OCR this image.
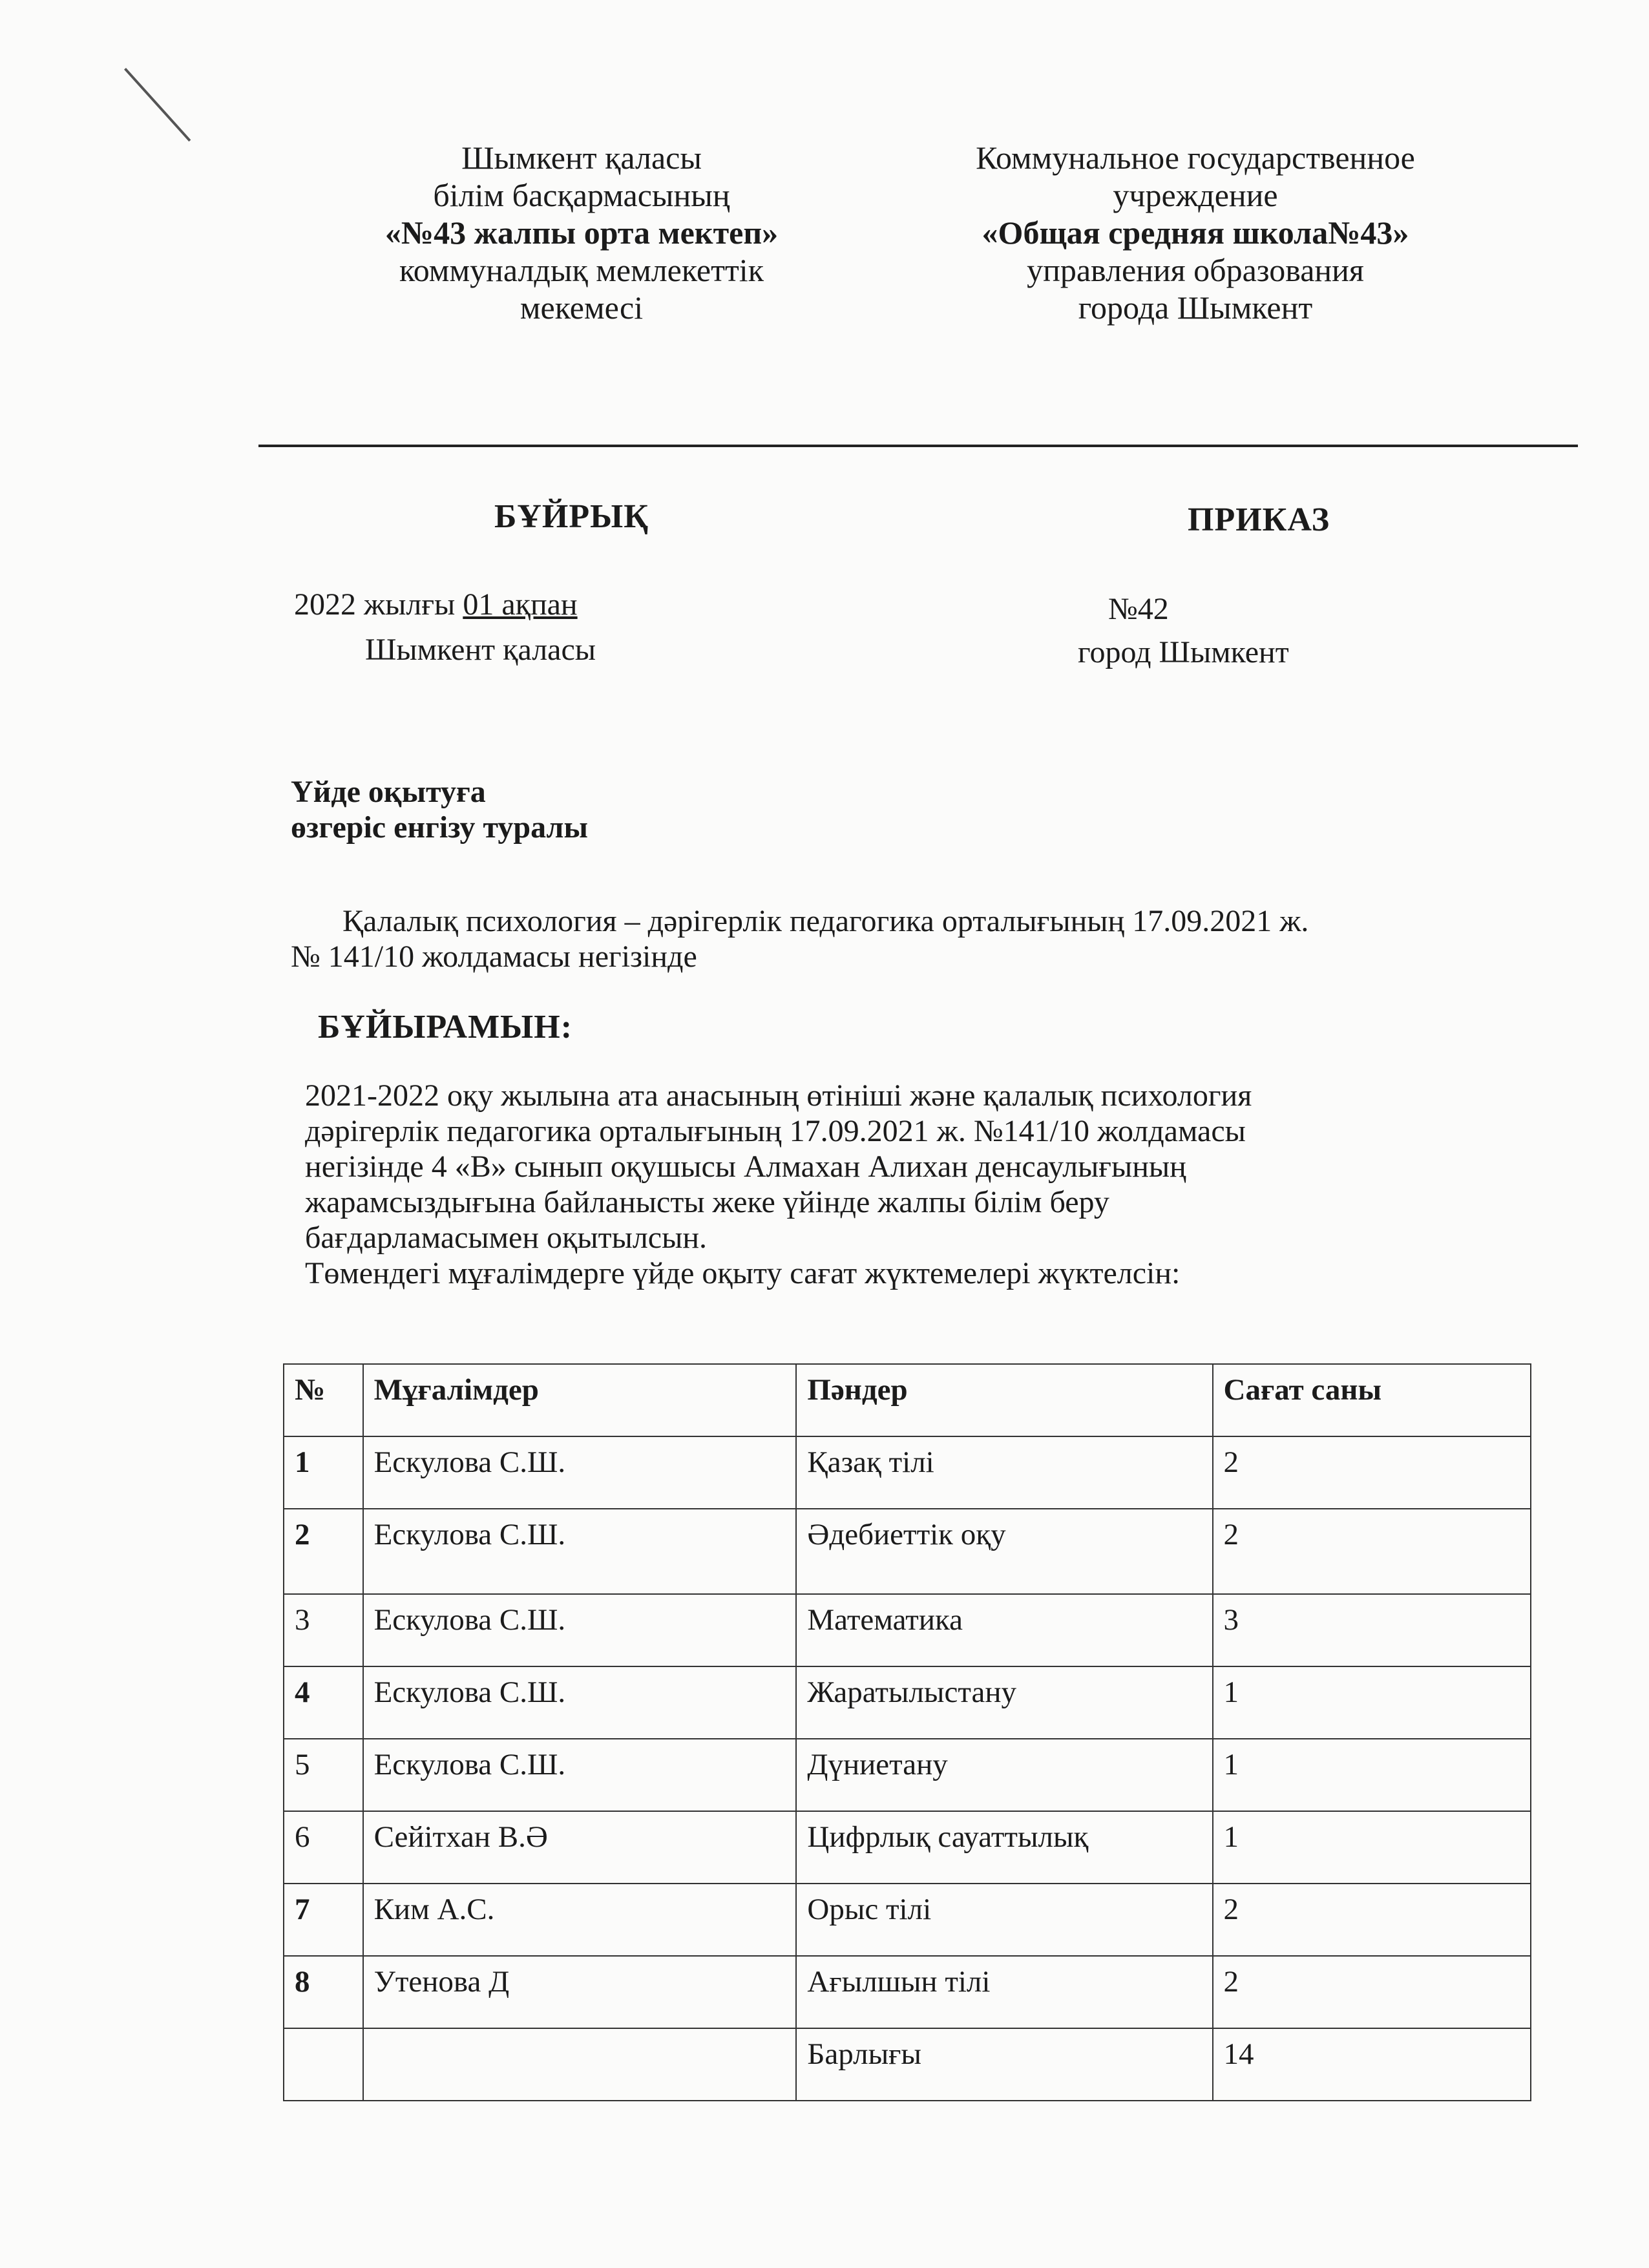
Шымкент қаласы
білім басқармасының
«№43 жалпы орта мектеп»
коммуналдық мемлекеттік
мекемесі
Коммунальное государственное
учреждение
«Общая средняя школа№43»
управления образования
города Шымкент
БҰЙРЫҚ	ПРИКАЗ
2022 жылғы 01 ақпан
Шымкент қаласы
№42
город Шымкент
Үйде оқытуға
өзгеріс енгізу туралы
Қалалық психология – дәрігерлік педагогика орталығының 17.09.2021 ж.
№ 141/10 жолдамасы негізінде
БҰЙЫРАМЫН:
2021-2022 оқу жылына ата анасының өтініші және қалалық психология
дәрігерлік педагогика орталығының 17.09.2021 ж. №141/10 жолдамасы
негізінде 4 «В» сынып оқушысы Алмахан Алихан денсаулығының
жарамсыздығына байланысты жеке үйінде жалпы білім беру
бағдарламасымен оқытылсын.
Төмендегі мұғалімдерге үйде оқыту сағат жүктемелері жүктелсін:
№	Мұғалімдер	Пәндер	Сағат саны
1	Ескулова С.Ш.	Қазақ тілі	2
2	Ескулова С.Ш.	Әдебиеттік оқу	2
3	Ескулова С.Ш.	Математика	3
4	Ескулова С.Ш.	Жаратылыстану	1
5	Ескулова С.Ш.	Дүниетану	1
6	Сейітхан В.Ә	Цифрлық сауаттылық	1
7	Ким А.С.	Орыс тілі	2
8	Утенова Д	Ағылшын тілі	2
		Барлығы	14
